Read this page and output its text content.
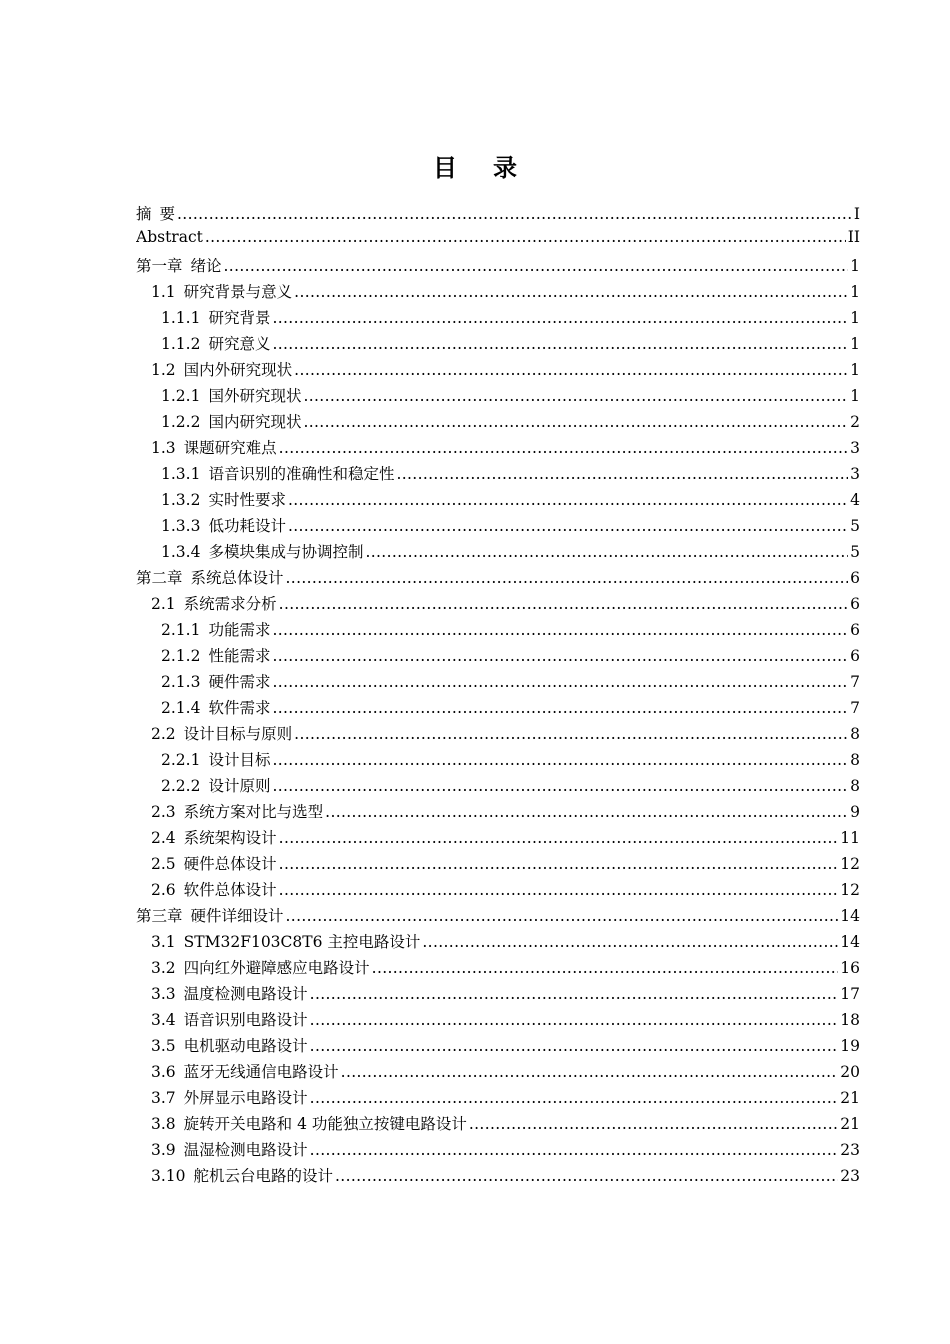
目 录
摘 要 .....	I
Abstract .....	II
第一章 绪论 .....	1
1.1 研究背景与意义 .....	1
1.1.1 研究背景 .....	1
1.1.2 研究意义 .....	1
1.2 国内外研究现状 .....	1
1.2.1 国外研究现状 .....	1
1.2.2 国内研究现状 .....	2
1.3 课题研究难点 .....	3
1.3.1 语音识别的准确性和稳定性 .....	3
1.3.2 实时性要求 .....	4
1.3.3 低功耗设计 .....	5
1.3.4 多模块集成与协调控制 .....	5
第二章 系统总体设计 .....	6
2.1 系统需求分析 .....	6
2.1.1 功能需求 .....	6
2.1.2 性能需求 .....	6
2.1.3 硬件需求 .....	7
2.1.4 软件需求 .....	7
2.2 设计目标与原则 .....	8
2.2.1 设计目标 .....	8
2.2.2 设计原则 .....	8
2.3 系统方案对比与选型 .....	9
2.4 系统架构设计 .....	11
2.5 硬件总体设计 .....	12
2.6 软件总体设计 .....	12
第三章 硬件详细设计 .....	14
3.1 STM32F103C8T6 主控电路设计 .....	14
3.2 四向红外避障感应电路设计 .....	16
3.3 温度检测电路设计 .....	17
3.4 语音识别电路设计 .....	18
3.5 电机驱动电路设计 .....	19
3.6 蓝牙无线通信电路设计 .....	20
3.7 外屏显示电路设计 .....	21
3.8 旋转开关电路和 4 功能独立按键电路设计 .....	21
3.9 温湿检测电路设计 .....	23
3.10 舵机云台电路的设计 .....	23
